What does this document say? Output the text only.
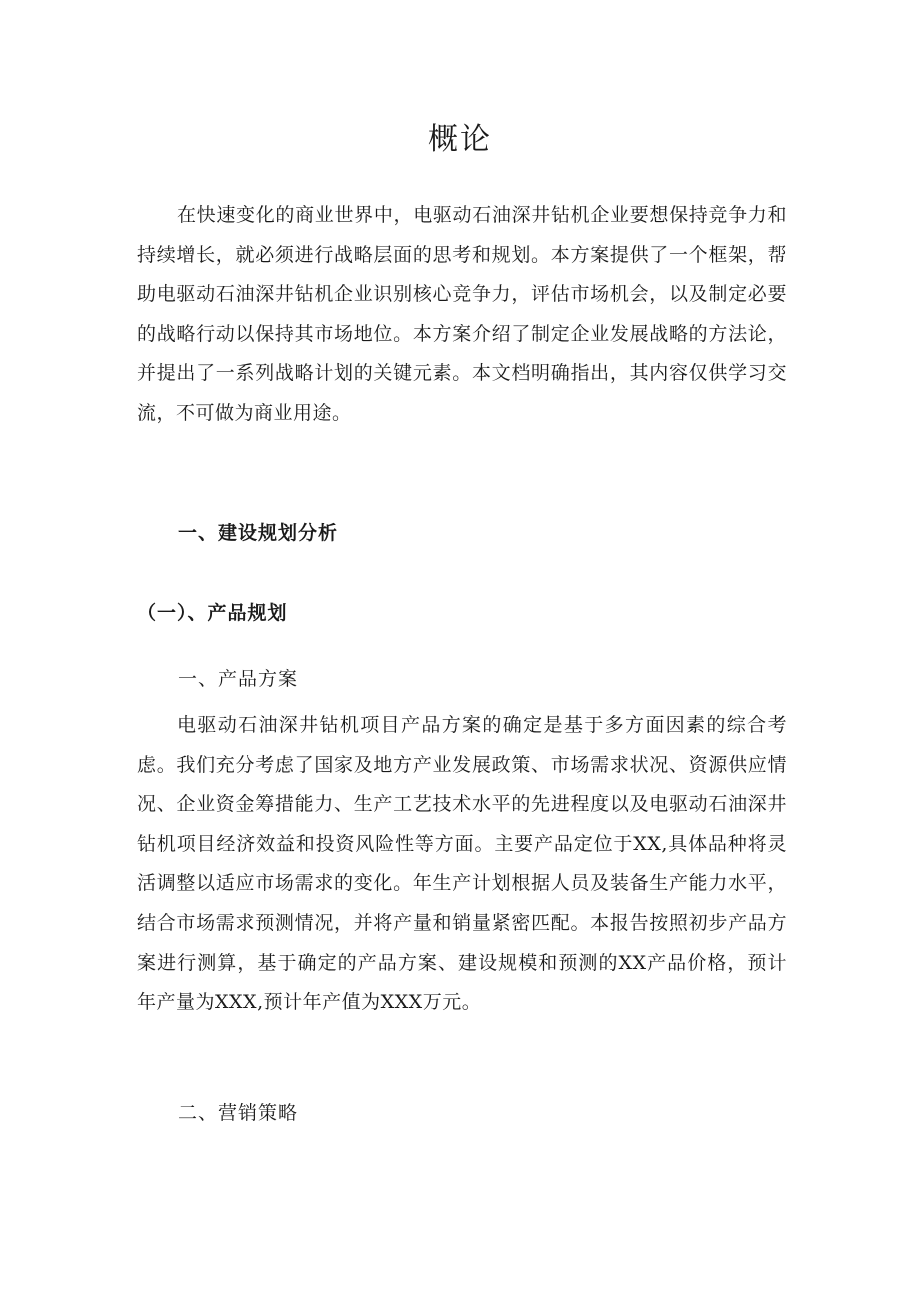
概论

在快速变化的商业世界中，电驱动石油深井钻机企业要想保持竞争力和持续增长，就必须进行战略层面的思考和规划。本方案提供了一个框架，帮助电驱动石油深井钻机企业识别核心竞争力，评估市场机会，以及制定必要的战略行动以保持其市场地位。本方案介绍了制定企业发展战略的方法论，并提出了一系列战略计划的关键元素。本文档明确指出，其内容仅供学习交流，不可做为商业用途。

一、建设规划分析
（一）、产品规划
一、产品方案

电驱动石油深井钻机项目产品方案的确定是基于多方面因素的综合考虑。我们充分考虑了国家及地方产业发展政策、市场需求状况、资源供应情况、企业资金筹措能力、生产工艺技术水平的先进程度以及电驱动石油深井钻机项目经济效益和投资风险性等方面。主要产品定位于XX,具体品种将灵活调整以适应市场需求的变化。年生产计划根据人员及装备生产能力水平，结合市场需求预测情况，并将产量和销量紧密匹配。本报告按照初步产品方案进行测算，基于确定的产品方案、建设规模和预测的XX产品价格，预计年产量为XXX,预计年产值为XXX万元。

二、营销策略
